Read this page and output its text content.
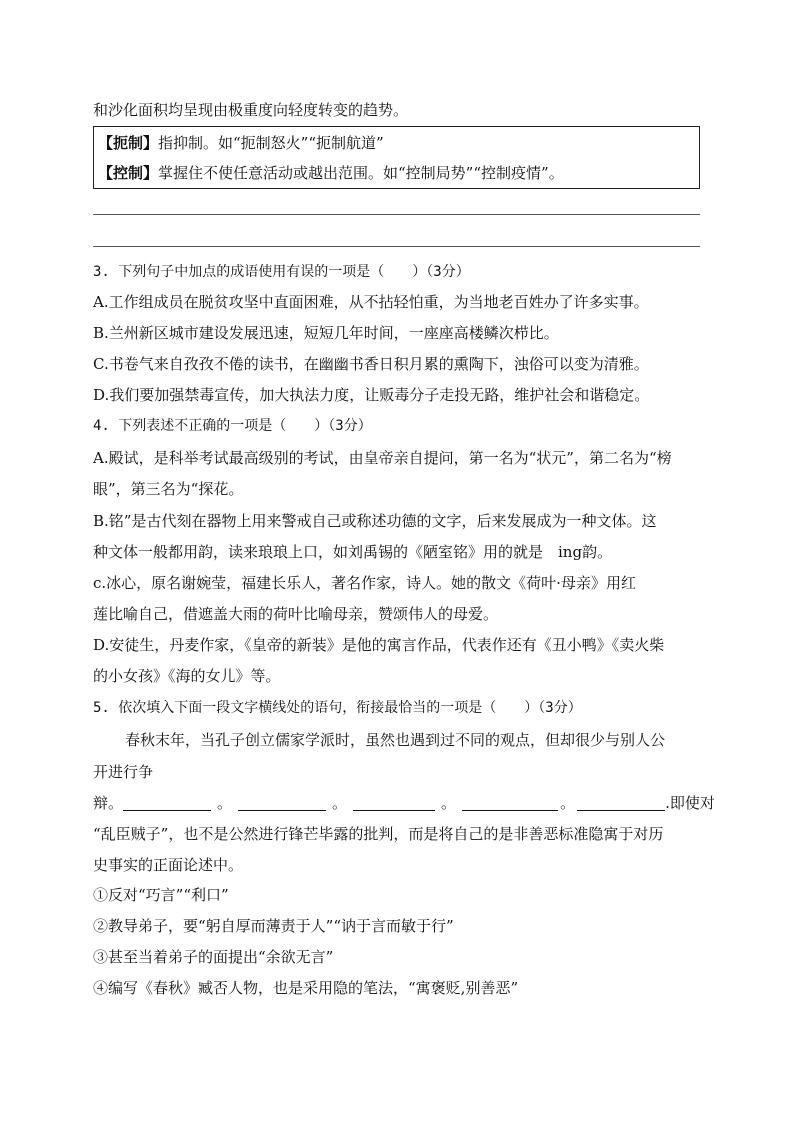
和沙化面积均呈现由极重度向轻度转变的趋势。
【扼制】指抑制。如“扼制怒火”“扼制航道”
【控制】掌握住不使任意活动或越出范围。如“控制局势”“控制疫情”。
3. 下列句子中加点的成语使用有误的一项是（　　）（3分）
A.工作组成员在脱贫攻坚中直面困难，从不拈轻怕重，为当地老百姓办了许多实事。
B.兰州新区城市建设发展迅速，短短几年时间，一座座高楼鳞次栉比。
C.书卷气来自孜孜不倦的读书，在幽幽书香日积月累的熏陶下，浊俗可以变为清雅。
D.我们要加强禁毒宣传，加大执法力度，让贩毒分子走投无路，维护社会和谐稳定。
4. 下列表述不正确的一项是（　　）（3分）
A.殿试，是科举考试最高级别的考试，由皇帝亲自提问，第一名为“状元”，第二名为“榜
眼”，第三名为“探花。
B.铭”是古代刻在器物上用来警戒自己或称述功德的文字，后来发展成为一种文体。这
种文体一般都用韵，读来琅琅上口，如刘禹锡的《陋室铭》用的就是　ing韵。
c.冰心，原名谢婉莹，福建长乐人，著名作家，诗人。她的散文《荷叶·母亲》用红
莲比喻自己，借遮盖大雨的荷叶比喻母亲，赞颂伟人的母爱。
D.安徒生，丹麦作家，《皇帝的新装》是他的寓言作品，代表作还有《丑小鸭》《卖火柴
的小女孩》《海的女儿》等。
5. 依次填入下面一段文字横线处的语句，衔接最恰当的一项是（　　）（3分）
春秋末年，当孔子创立儒家学派时，虽然也遇到过不同的观点，但却很少与别人公
开进行争
辩。	。	。	。	。	.即使对
“乱臣贼子”，也不是公然进行锋芒毕露的批判，而是将自己的是非善恶标准隐寓于对历
史事实的正面论述中。
①反对“巧言”“利口”
②教导弟子，要“躬自厚而薄责于人”“讷于言而敏于行”
③甚至当着弟子的面提出“余欲无言”
④编写《春秋》臧否人物，也是采用隐的笔法，“寓褒贬,别善恶”
